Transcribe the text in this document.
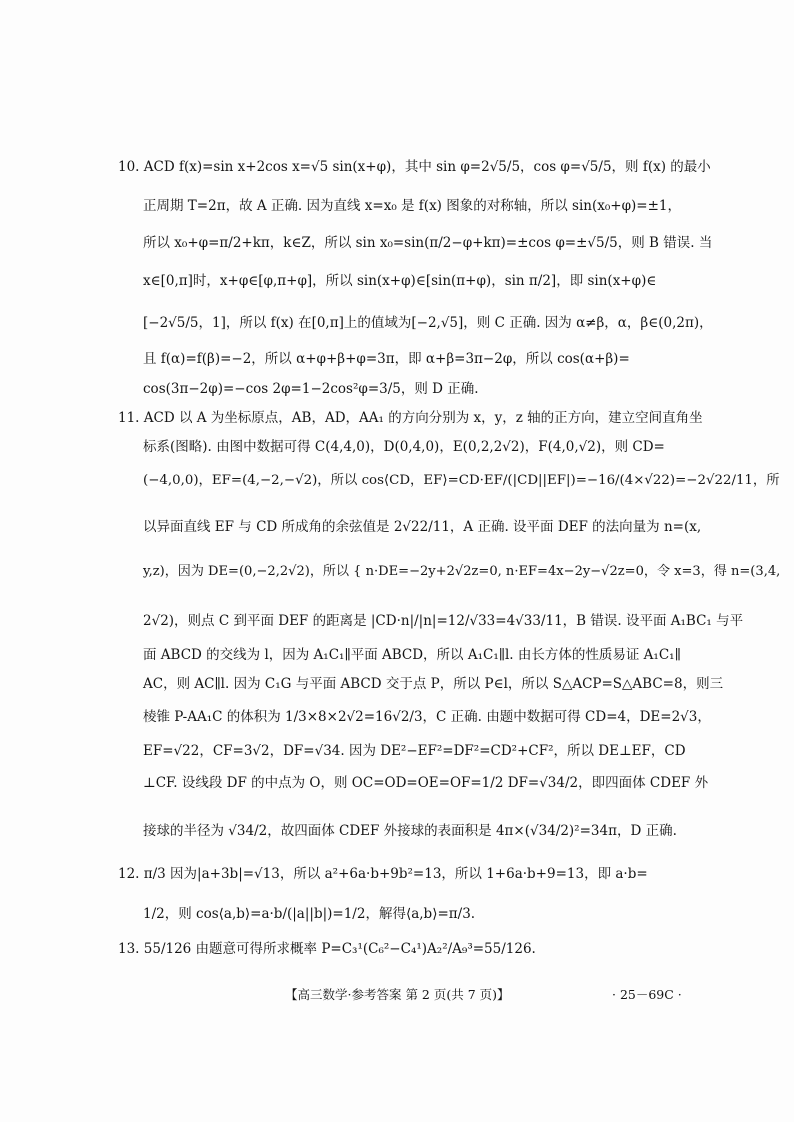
10. ACD f(x)=sin x+2cos x=√5 sin(x+φ)，其中 sin φ=2√5/5，cos φ=√5/5，则 f(x) 的最小
正周期 T=2π，故 A 正确. 因为直线 x=x₀ 是 f(x) 图象的对称轴，所以 sin(x₀+φ)=±1，
所以 x₀+φ=π/2+kπ，k∈Z，所以 sin x₀=sin(π/2−φ+kπ)=±cos φ=±√5/5，则 B 错误. 当
x∈[0,π]时，x+φ∈[φ,π+φ]，所以 sin(x+φ)∈[sin(π+φ)，sin π/2]，即 sin(x+φ)∈
[−2√5/5，1]，所以 f(x) 在[0,π]上的值域为[−2,√5]，则 C 正确. 因为 α≠β，α，β∈(0,2π)，
且 f(α)=f(β)=−2，所以 α+φ+β+φ=3π，即 α+β=3π−2φ，所以 cos(α+β)=
cos(3π−2φ)=−cos 2φ=1−2cos²φ=3/5，则 D 正确.
11. ACD 以 A 为坐标原点，AB，AD，AA₁ 的方向分别为 x，y，z 轴的正方向，建立空间直角坐
标系(图略). 由图中数据可得 C(4,4,0)，D(0,4,0)，E(0,2,2√2)，F(4,0,√2)，则 CD=
(−4,0,0)，EF=(4,−2,−√2)，所以 cos⟨CD，EF⟩=CD·EF/(|CD||EF|)=−16/(4×√22)=−2√22/11，所
以异面直线 EF 与 CD 所成角的余弦值是 2√22/11，A 正确. 设平面 DEF 的法向量为 n=(x,
y,z)，因为 DE=(0,−2,2√2)，所以 { n·DE=−2y+2√2z=0, n·EF=4x−2y−√2z=0，令 x=3，得 n=(3,4,
2√2)，则点 C 到平面 DEF 的距离是 |CD·n|/|n|=12/√33=4√33/11，B 错误. 设平面 A₁BC₁ 与平
面 ABCD 的交线为 l，因为 A₁C₁∥平面 ABCD，所以 A₁C₁∥l. 由长方体的性质易证 A₁C₁∥
AC，则 AC∥l. 因为 C₁G 与平面 ABCD 交于点 P，所以 P∈l，所以 S△ACP=S△ABC=8，则三
棱锥 P-AA₁C 的体积为 1/3×8×2√2=16√2/3，C 正确. 由题中数据可得 CD=4，DE=2√3，
EF=√22，CF=3√2，DF=√34. 因为 DE²−EF²=DF²=CD²+CF²，所以 DE⊥EF，CD
⊥CF. 设线段 DF 的中点为 O，则 OC=OD=OE=OF=1/2 DF=√34/2，即四面体 CDEF 外
接球的半径为 √34/2，故四面体 CDEF 外接球的表面积是 4π×(√34/2)²=34π，D 正确.
12. π/3 因为|a+3b|=√13，所以 a²+6a·b+9b²=13，所以 1+6a·b+9=13，即 a·b=
1/2，则 cos⟨a,b⟩=a·b/(|a||b|)=1/2，解得⟨a,b⟩=π/3.
13. 55/126 由题意可得所求概率 P=C₃¹(C₆²−C₄¹)A₂²/A₉³=55/126.
【高三数学·参考答案 第 2 页(共 7 页)】	· 25－69C ·
